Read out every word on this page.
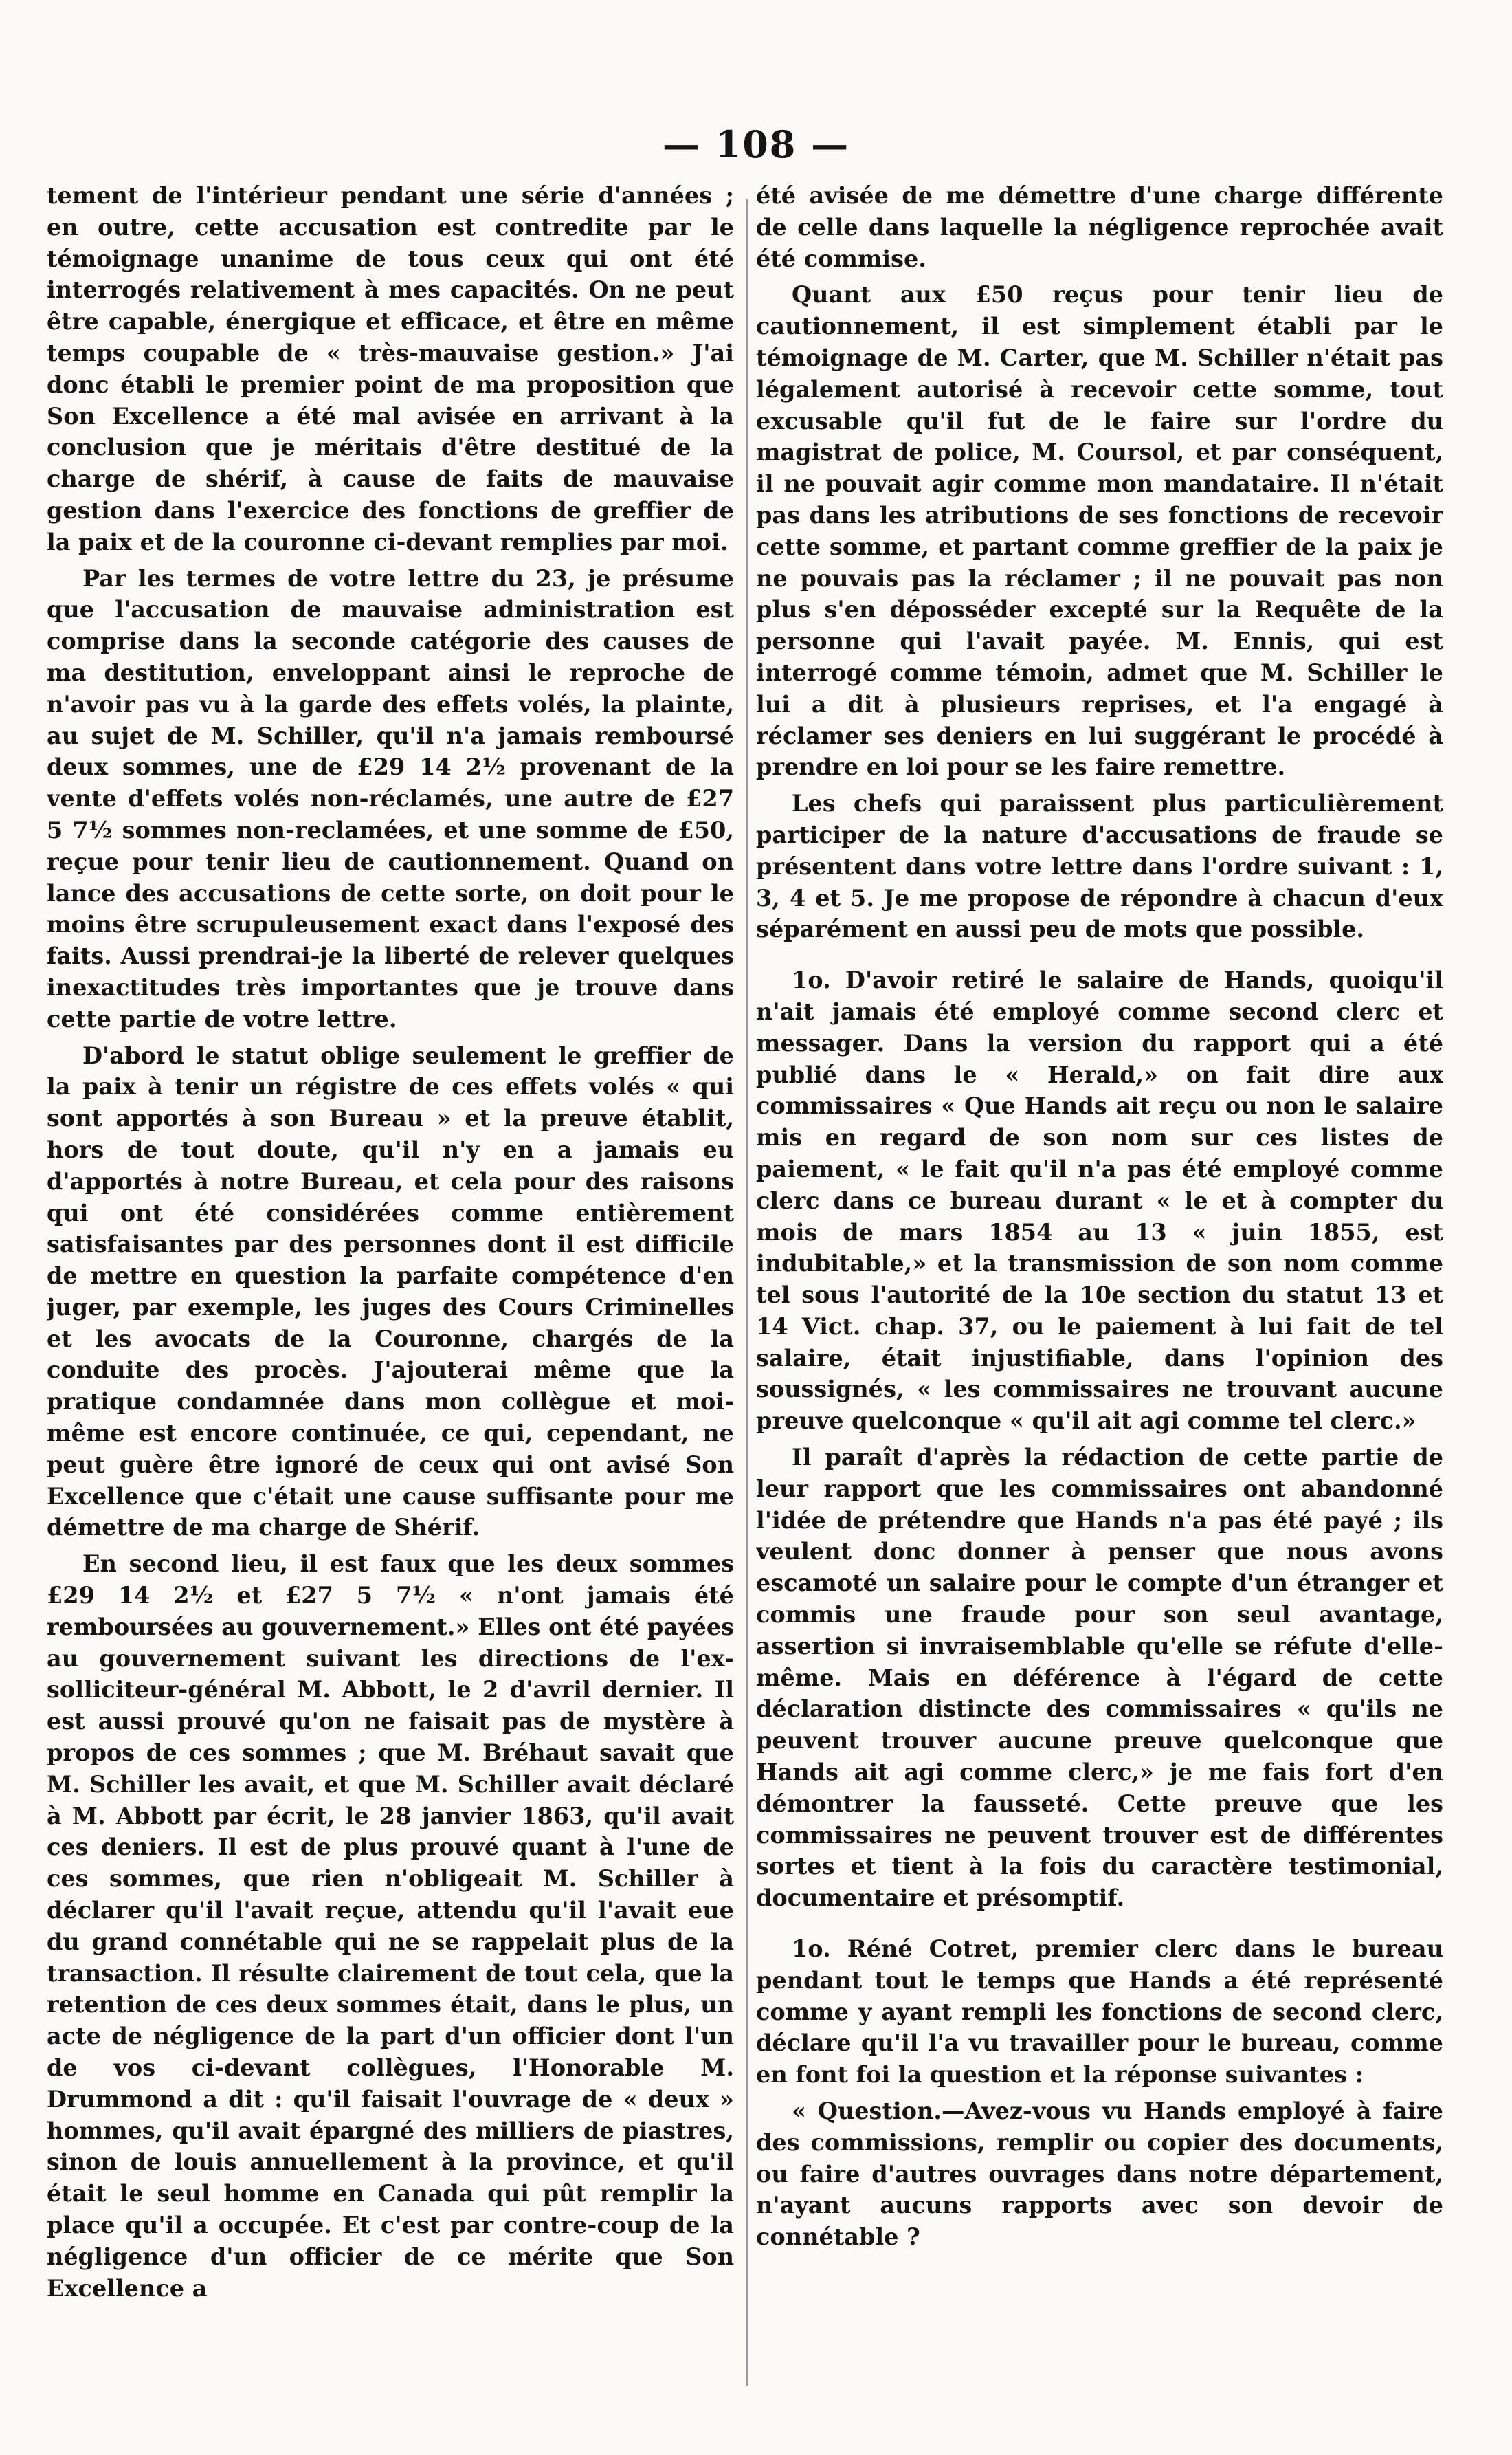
— 108 —

tement de l'intérieur pendant une série d'années ; en outre, cette accusation est contredite par le témoignage unanime de tous ceux qui ont été interrogés relativement à mes capacités. On ne peut être capable, énergique et efficace, et être en même temps coupable de « très-mauvaise gestion.» J'ai donc établi le premier point de ma proposition que Son Excellence a été mal avisée en arrivant à la conclusion que je méritais d'être destitué de la charge de shérif, à cause de faits de mauvaise gestion dans l'exercice des fonctions de greffier de la paix et de la couronne ci-devant remplies par moi.

Par les termes de votre lettre du 23, je présume que l'accusation de mauvaise administration est comprise dans la seconde catégorie des causes de ma destitution, enveloppant ainsi le reproche de n'avoir pas vu à la garde des effets volés, la plainte, au sujet de M. Schiller, qu'il n'a jamais remboursé deux sommes, une de £29 14 2½ provenant de la vente d'effets volés non-réclamés, une autre de £27 5 7½ sommes non-reclamées, et une somme de £50, reçue pour tenir lieu de cautionnement. Quand on lance des accusations de cette sorte, on doit pour le moins être scrupuleusement exact dans l'exposé des faits. Aussi prendrai-je la liberté de relever quelques inexactitudes très importantes que je trouve dans cette partie de votre lettre.

D'abord le statut oblige seulement le greffier de la paix à tenir un régistre de ces effets volés « qui sont apportés à son Bureau » et la preuve établit, hors de tout doute, qu'il n'y en a jamais eu d'apportés à notre Bureau, et cela pour des raisons qui ont été considérées comme entièrement satisfaisantes par des personnes dont il est difficile de mettre en question la parfaite compétence d'en juger, par exemple, les juges des Cours Criminelles et les avocats de la Couronne, chargés de la conduite des procès. J'ajouterai même que la pratique condamnée dans mon collègue et moi-même est encore continuée, ce qui, cependant, ne peut guère être ignoré de ceux qui ont avisé Son Excellence que c'était une cause suffisante pour me démettre de ma charge de Shérif.

En second lieu, il est faux que les deux sommes £29 14 2½ et £27 5 7½ « n'ont jamais été remboursées au gouvernement.» Elles ont été payées au gouvernement suivant les directions de l'ex-solliciteur-général M. Abbott, le 2 d'avril dernier. Il est aussi prouvé qu'on ne faisait pas de mystère à propos de ces sommes ; que M. Bréhaut savait que M. Schiller les avait, et que M. Schiller avait déclaré à M. Abbott par écrit, le 28 janvier 1863, qu'il avait ces deniers. Il est de plus prouvé quant à l'une de ces sommes, que rien n'obligeait M. Schiller à déclarer qu'il l'avait reçue, attendu qu'il l'avait eue du grand connétable qui ne se rappelait plus de la transaction. Il résulte clairement de tout cela, que la retention de ces deux sommes était, dans le plus, un acte de négligence de la part d'un officier dont l'un de vos ci-devant collègues, l'Honorable M. Drummond a dit : qu'il faisait l'ouvrage de « deux » hommes, qu'il avait épargné des milliers de piastres, sinon de louis annuellement à la province, et qu'il était le seul homme en Canada qui pût remplir la place qu'il a occupée. Et c'est par contre-coup de la négligence d'un officier de ce mérite que Son Excellence a

été avisée de me démettre d'une charge différente de celle dans laquelle la négligence reprochée avait été commise.

Quant aux £50 reçus pour tenir lieu de cautionnement, il est simplement établi par le témoignage de M. Carter, que M. Schiller n'était pas légalement autorisé à recevoir cette somme, tout excusable qu'il fut de le faire sur l'ordre du magistrat de police, M. Coursol, et par conséquent, il ne pouvait agir comme mon mandataire. Il n'était pas dans les atributions de ses fonctions de recevoir cette somme, et partant comme greffier de la paix je ne pouvais pas la réclamer ; il ne pouvait pas non plus s'en déposséder excepté sur la Requête de la personne qui l'avait payée. M. Ennis, qui est interrogé comme témoin, admet que M. Schiller le lui a dit à plusieurs reprises, et l'a engagé à réclamer ses deniers en lui suggérant le procédé à prendre en loi pour se les faire remettre.

Les chefs qui paraissent plus particulièrement participer de la nature d'accusations de fraude se présentent dans votre lettre dans l'ordre suivant : 1, 3, 4 et 5. Je me propose de répondre à chacun d'eux séparément en aussi peu de mots que possible.

1o. D'avoir retiré le salaire de Hands, quoiqu'il n'ait jamais été employé comme second clerc et messager. Dans la version du rapport qui a été publié dans le « Herald,» on fait dire aux commissaires « Que Hands ait reçu ou non le salaire mis en regard de son nom sur ces listes de paiement, « le fait qu'il n'a pas été employé comme clerc dans ce bureau durant « le et à compter du mois de mars 1854 au 13 « juin 1855, est indubitable,» et la transmission de son nom comme tel sous l'autorité de la 10e section du statut 13 et 14 Vict. chap. 37, ou le paiement à lui fait de tel salaire, était injustifiable, dans l'opinion des soussignés, « les commissaires ne trouvant aucune preuve quelconque « qu'il ait agi comme tel clerc.»

Il paraît d'après la rédaction de cette partie de leur rapport que les commissaires ont abandonné l'idée de prétendre que Hands n'a pas été payé ; ils veulent donc donner à penser que nous avons escamoté un salaire pour le compte d'un étranger et commis une fraude pour son seul avantage, assertion si invraisemblable qu'elle se réfute d'elle-même. Mais en déférence à l'égard de cette déclaration distincte des commissaires « qu'ils ne peuvent trouver aucune preuve quelconque que Hands ait agi comme clerc,» je me fais fort d'en démontrer la fausseté. Cette preuve que les commissaires ne peuvent trouver est de différentes sortes et tient à la fois du caractère testimonial, documentaire et présomptif.

1o. Réné Cotret, premier clerc dans le bureau pendant tout le temps que Hands a été représenté comme y ayant rempli les fonctions de second clerc, déclare qu'il l'a vu travailler pour le bureau, comme en font foi la question et la réponse suivantes :

« Question.—Avez-vous vu Hands employé à faire des commissions, remplir ou copier des documents, ou faire d'autres ouvrages dans notre département, n'ayant aucuns rapports avec son devoir de connétable ?
